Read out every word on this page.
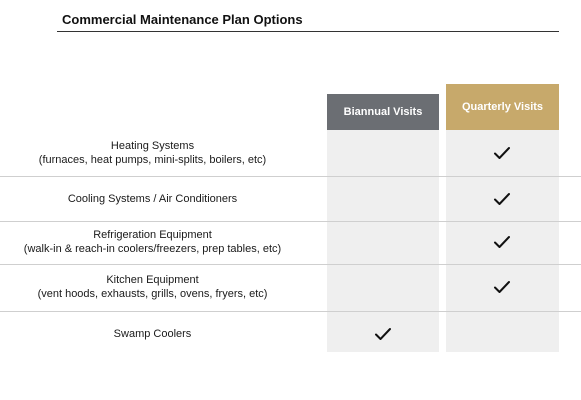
Commercial Maintenance Plan Options
Biannual Visits	Quarterly Visits
Heating Systems
(furnaces, heat pumps, mini-splits, boilers, etc)
Cooling Systems / Air Conditioners
Refrigeration Equipment
(walk-in & reach-in coolers/freezers, prep tables, etc)
Kitchen Equipment
(vent hoods, exhausts, grills, ovens, fryers, etc)
Swamp Coolers
